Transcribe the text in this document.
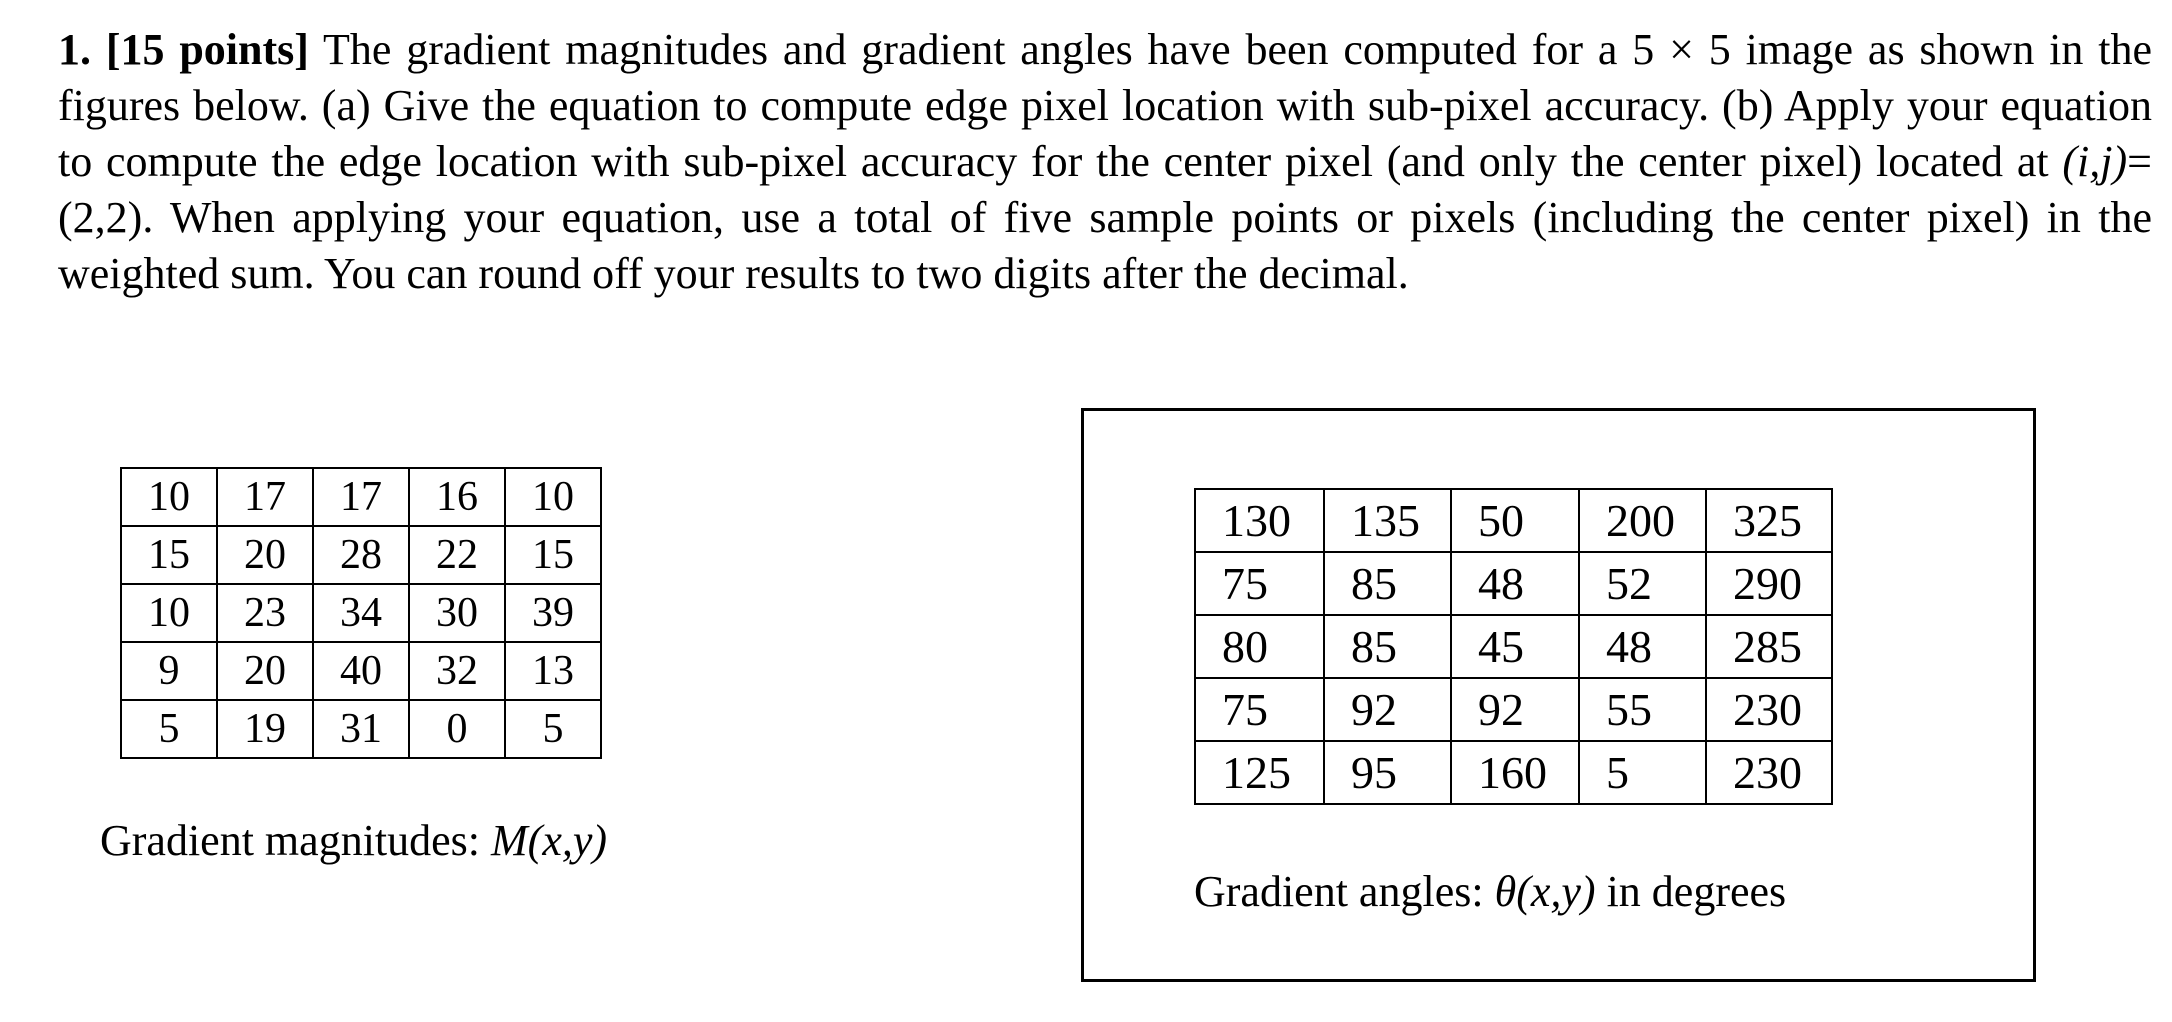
1. [15 points] The gradient magnitudes and gradient angles have been computed for a 5 × 5 image as shown in the figures below. (a) Give the equation to compute edge pixel location with sub-pixel accuracy. (b) Apply your equation to compute the edge location with sub-pixel accuracy for the center pixel (and only the center pixel) located at (i,j)=(2,2). When applying your equation, use a total of five sample points or pixels (including the center pixel) in the weighted sum. You can round off your results to two digits after the decimal.

10	17	17	16	10
15	20	28	22	15
10	23	34	30	39
9	20	40	32	13
5	19	31	0	5

Gradient magnitudes: M(x,y)

130	135	50	200	325
75	85	48	52	290
80	85	45	48	285
75	92	92	55	230
125	95	160	5	230

Gradient angles: θ(x,y) in degrees
